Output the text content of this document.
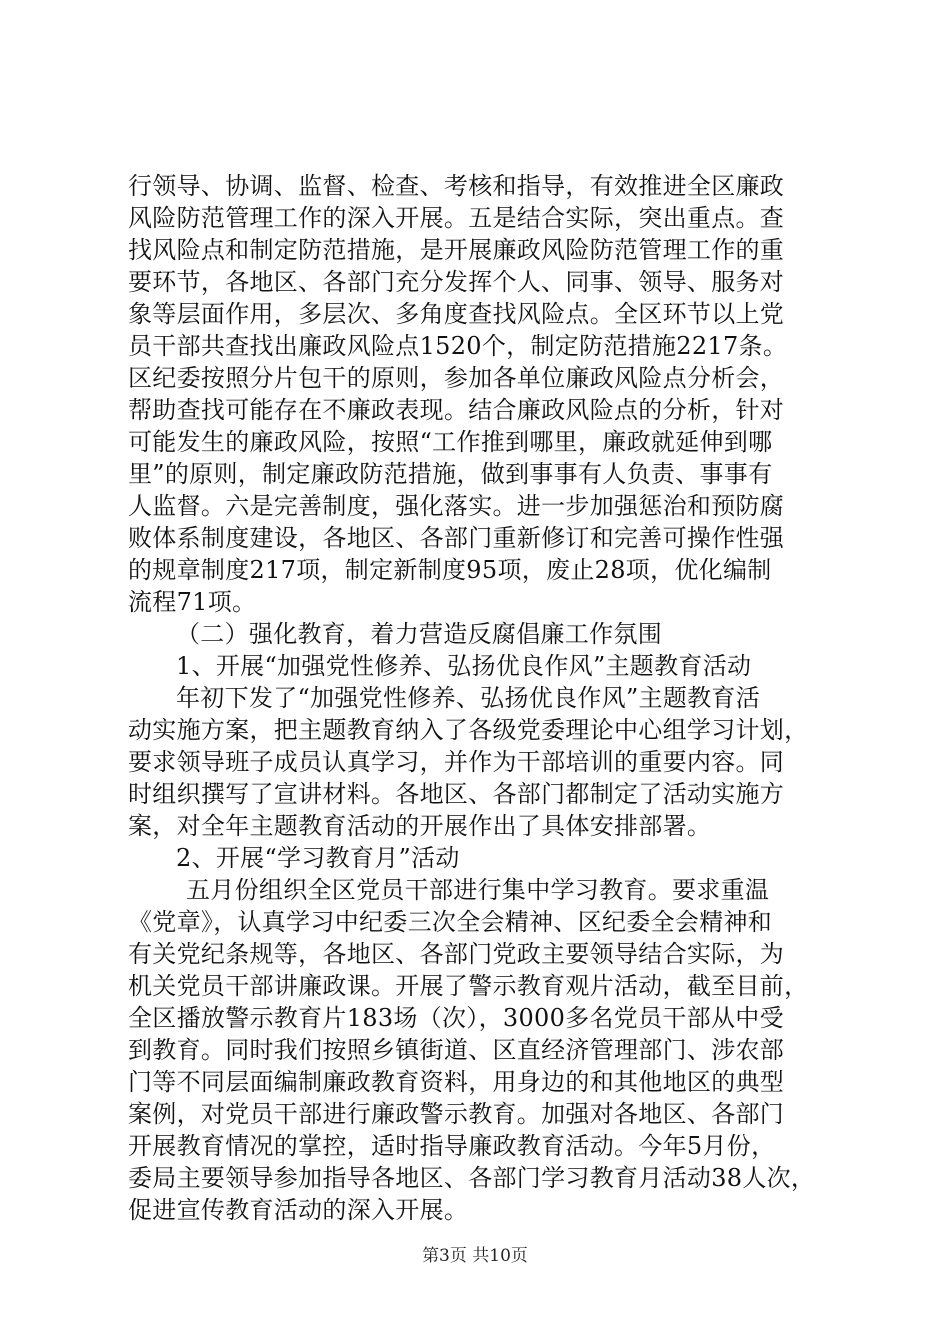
行领导、协调、监督、检查、考核和指导，有效推进全区廉政
风险防范管理工作的深入开展。五是结合实际，突出重点。查
找风险点和制定防范措施，是开展廉政风险防范管理工作的重
要环节，各地区、各部门充分发挥个人、同事、领导、服务对
象等层面作用，多层次、多角度查找风险点。全区环节以上党
员干部共查找出廉政风险点1520个，制定防范措施2217条。
区纪委按照分片包干的原则，参加各单位廉政风险点分析会，
帮助查找可能存在不廉政表现。结合廉政风险点的分析，针对
可能发生的廉政风险，按照“工作推到哪里，廉政就延伸到哪
里”的原则，制定廉政防范措施，做到事事有人负责、事事有
人监督。六是完善制度，强化落实。进一步加强惩治和预防腐
败体系制度建设，各地区、各部门重新修订和完善可操作性强
的规章制度217项，制定新制度95项，废止28项，优化编制
流程71项。
（二）强化教育，着力营造反腐倡廉工作氛围
1、开展“加强党性修养、弘扬优良作风”主题教育活动
年初下发了“加强党性修养、弘扬优良作风”主题教育活
动实施方案，把主题教育纳入了各级党委理论中心组学习计划，
要求领导班子成员认真学习，并作为干部培训的重要内容。同
时组织撰写了宣讲材料。各地区、各部门都制定了活动实施方
案，对全年主题教育活动的开展作出了具体安排部署。
2、开展“学习教育月”活动
五月份组织全区党员干部进行集中学习教育。要求重温
《党章》，认真学习中纪委三次全会精神、区纪委全会精神和
有关党纪条规等，各地区、各部门党政主要领导结合实际，为
机关党员干部讲廉政课。开展了警示教育观片活动，截至目前，
全区播放警示教育片183场（次），3000多名党员干部从中受
到教育。同时我们按照乡镇街道、区直经济管理部门、涉农部
门等不同层面编制廉政教育资料，用身边的和其他地区的典型
案例，对党员干部进行廉政警示教育。加强对各地区、各部门
开展教育情况的掌控，适时指导廉政教育活动。今年5月份，
委局主要领导参加指导各地区、各部门学习教育月活动38人次，
促进宣传教育活动的深入开展。
第3页 共10页
